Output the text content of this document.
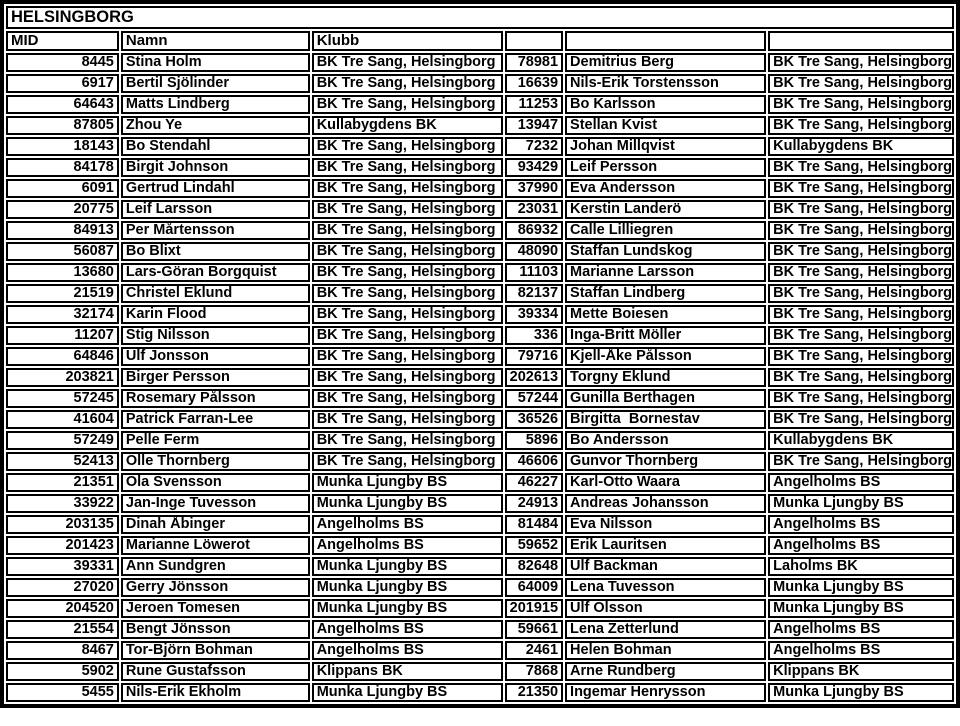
HELSINGBORG					
MID	Namn	Klubb			
8445	Stina Holm	BK Tre Sang, Helsingborg	78981	Demitrius Berg	BK Tre Sang, Helsingborg
6917	Bertil Sjölinder	BK Tre Sang, Helsingborg	16639	Nils-Erik Torstensson	BK Tre Sang, Helsingborg
64643	Matts Lindberg	BK Tre Sang, Helsingborg	11253	Bo Karlsson	BK Tre Sang, Helsingborg
87805	Zhou Ye	Kullabygdens BK	13947	Stellan Kvist	BK Tre Sang, Helsingborg
18143	Bo Stendahl	BK Tre Sang, Helsingborg	7232	Johan Millqvist	Kullabygdens BK
84178	Birgit Johnson	BK Tre Sang, Helsingborg	93429	Leif Persson	BK Tre Sang, Helsingborg
6091	Gertrud Lindahl	BK Tre Sang, Helsingborg	37990	Eva Andersson	BK Tre Sang, Helsingborg
20775	Leif Larsson	BK Tre Sang, Helsingborg	23031	Kerstin Landerö	BK Tre Sang, Helsingborg
84913	Per Mårtensson	BK Tre Sang, Helsingborg	86932	Calle Lilliegren	BK Tre Sang, Helsingborg
56087	Bo Blixt	BK Tre Sang, Helsingborg	48090	Staffan Lundskog	BK Tre Sang, Helsingborg
13680	Lars-Göran Borgquist	BK Tre Sang, Helsingborg	11103	Marianne Larsson	BK Tre Sang, Helsingborg
21519	Christel Eklund	BK Tre Sang, Helsingborg	82137	Staffan Lindberg	BK Tre Sang, Helsingborg
32174	Karin Flood	BK Tre Sang, Helsingborg	39334	Mette Boiesen	BK Tre Sang, Helsingborg
11207	Stig Nilsson	BK Tre Sang, Helsingborg	336	Inga-Britt Möller	BK Tre Sang, Helsingborg
64846	Ulf Jonsson	BK Tre Sang, Helsingborg	79716	Kjell-Åke Pålsson	BK Tre Sang, Helsingborg
203821	Birger Persson	BK Tre Sang, Helsingborg	202613	Torgny Eklund	BK Tre Sang, Helsingborg
57245	Rosemary Pålsson	BK Tre Sang, Helsingborg	57244	Gunilla Berthagen	BK Tre Sang, Helsingborg
41604	Patrick Farran-Lee	BK Tre Sang, Helsingborg	36526	Birgitta  Bornestav	BK Tre Sang, Helsingborg
57249	Pelle Ferm	BK Tre Sang, Helsingborg	5896	Bo Andersson	Kullabygdens BK
52413	Olle Thornberg	BK Tre Sang, Helsingborg	46606	Gunvor Thornberg	BK Tre Sang, Helsingborg
21351	Ola Svensson	Munka Ljungby BS	46227	Karl-Otto Waara	Ängelholms BS
33922	Jan-Inge Tuvesson	Munka Ljungby BS	24913	Andreas Johansson	Munka Ljungby BS
203135	Dinah Åbinger	Ängelholms BS	81484	Eva Nilsson	Ängelholms BS
201423	Marianne Löwerot	Angelholms BS	59652	Erik Lauritsen	Angelholms BS
39331	Ann Sundgren	Munka Ljungby BS	82648	Ulf Backman	Laholms BK
27020	Gerry Jönsson	Munka Ljungby BS	64009	Lena Tuvesson	Munka Ljungby BS
204520	Jeroen Tomesen	Munka Ljungby BS	201915	Ulf Olsson	Munka Ljungby BS
21554	Bengt Jönsson	Angelholms BS	59661	Lena Zetterlund	Angelholms BS
8467	Tor-Björn Bohman	Ängelholms BS	2461	Helen Bohman	Ängelholms BS
5902	Rune Gustafsson	Klippans BK	7868	Arne Rundberg	Klippans BK
5455	Nils-Erik Ekholm	Munka Ljungby BS	21350	Ingemar Henrysson	Munka Ljungby BS
